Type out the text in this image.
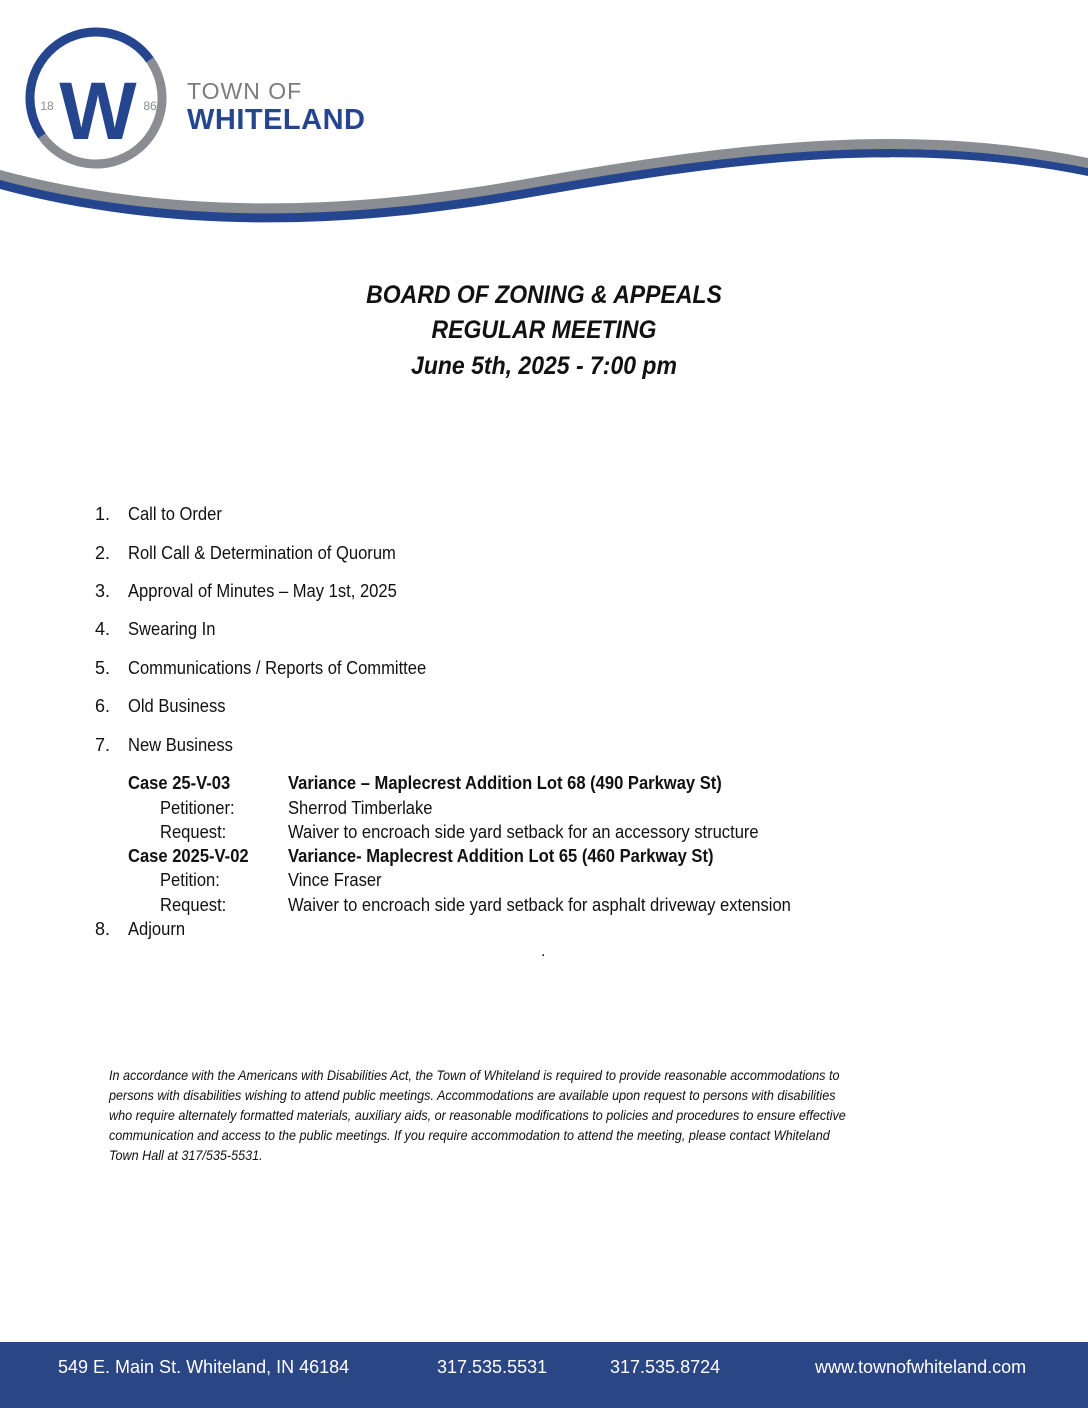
W
18	86
TOWN OF
WHITELAND
BOARD OF ZONING & APPEALS
REGULAR MEETING
June 5th, 2025 - 7:00 pm
1. Call to Order
2. Roll Call & Determination of Quorum
3. Approval of Minutes – May 1st, 2025
4. Swearing In
5. Communications / Reports of Committee
6. Old Business
7. New Business
Case 25-V-03	Variance – Maplecrest Addition Lot 68 (490 Parkway St)
Petitioner:	Sherrod Timberlake
Request:	Waiver to encroach side yard setback for an accessory structure
Case 2025-V-02 Variance- Maplecrest Addition Lot 65 (460 Parkway St)
Petition:	Vince Fraser
Request:	Waiver to encroach side yard setback for asphalt driveway extension
8. Adjourn
.
In accordance with the Americans with Disabilities Act, the Town of Whiteland is required to provide reasonable accommodations to persons with disabilities wishing to attend public meetings. Accommodations are available upon request to persons with disabilities who require alternately formatted materials, auxiliary aids, or reasonable modifications to policies and procedures to ensure effective communication and access to the public meetings. If you require accommodation to attend the meeting, please contact Whiteland Town Hall at 317/535-5531.
549 E. Main St. Whiteland, IN 46184	317.535.5531	317.535.8724	www.townofwhiteland.com
